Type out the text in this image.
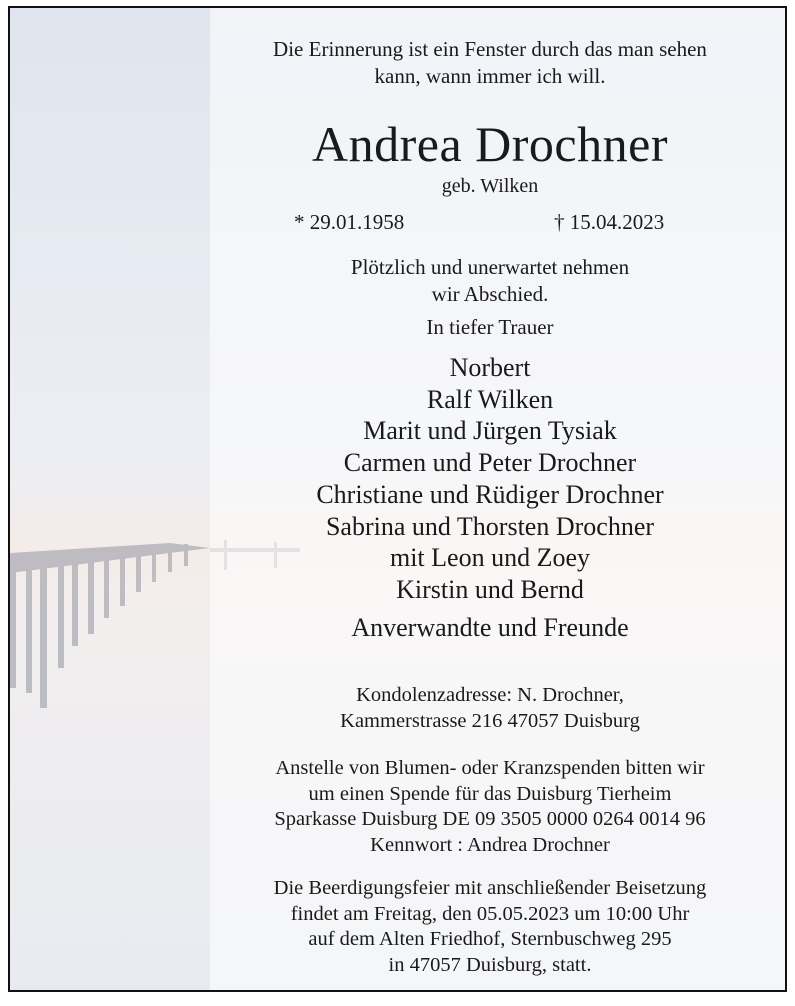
Die Erinnerung ist ein Fenster durch das man sehen
kann, wann immer ich will.
Andrea Drochner
geb. Wilken
* 29.01.1958	† 15.04.2023
Plötzlich und unerwartet nehmen
wir Abschied.
In tiefer Trauer
Norbert
Ralf Wilken
Marit und Jürgen Tysiak
Carmen und Peter Drochner
Christiane und Rüdiger Drochner
Sabrina und Thorsten Drochner
mit Leon und Zoey
Kirstin und Bernd
Anverwandte und Freunde
Kondolenzadresse: N. Drochner,
Kammerstrasse 216 47057 Duisburg
Anstelle von Blumen- oder Kranzspenden bitten wir
um einen Spende für das Duisburg Tierheim
Sparkasse Duisburg DE 09 3505 0000 0264 0014 96
Kennwort : Andrea Drochner
Die Beerdigungsfeier mit anschließender Beisetzung
findet am Freitag, den 05.05.2023 um 10:00 Uhr
auf dem Alten Friedhof, Sternbuschweg 295
in 47057 Duisburg, statt.
